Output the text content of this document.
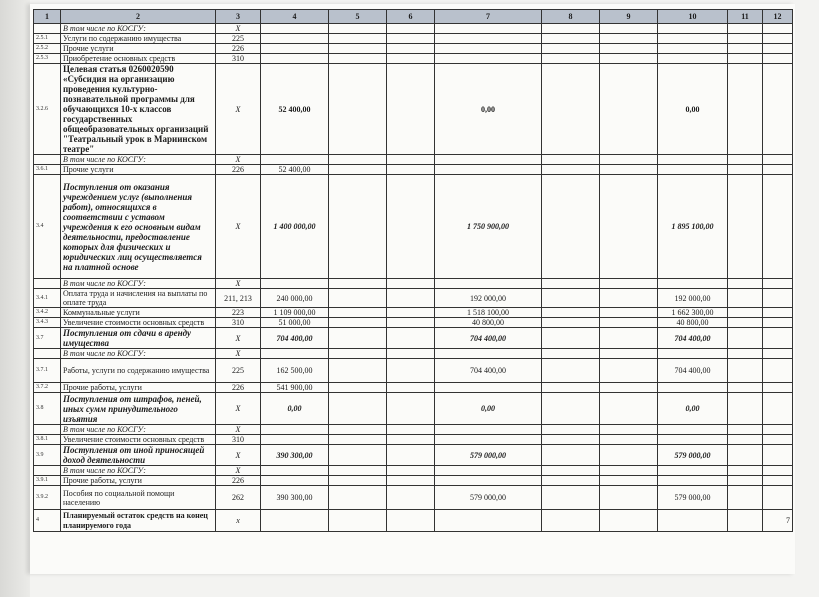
1	2	3	4	5	6	7	8	9	10	11	12
	В том числе по КОСГУ:	X									
2.5.1	Услуги по содержанию имущества	225									
2.5.2	Прочие услуги	226									
2.5.3	Приобретение основных средств	310									
3.2.6	Целевая статья 0260020590 «Субсидия на организацию проведения культурно-познавательной программы для обучающихся 10-х классов государственных общеобразовательных организаций "Театральный урок в Мариинском театре"	X	52 400,00			0,00			0,00		
	В том числе по КОСГУ:	X									
3.6.1	Прочие услуги	226	52 400,00								
3.4	Поступления от оказания учреждением услуг (выполнения работ), относящихся в соответствии с уставом учреждения к его основным видам деятельности, предоставление которых для физических и юридических лиц осуществляется на платной основе	X	1 400 000,00			1 750 900,00			1 895 100,00		
	В том числе по КОСГУ:	X									
3.4.1	Оплата труда и начисления на выплаты по оплате труда	211, 213	240 000,00			192 000,00			192 000,00		
3.4.2	Коммунальные услуги	223	1 109 000,00			1 518 100,00			1 662 300,00		
3.4.3	Увеличение стоимости основных средств	310	51 000,00			40 800,00			40 800,00		
3.7	Поступления от сдачи в аренду имущества	X	704 400,00			704 400,00			704 400,00		
	В том числе по КОСГУ:	X									
3.7.1	Работы, услуги по содержанию имущества	225	162 500,00			704 400,00			704 400,00		
3.7.2	Прочие работы, услуги	226	541 900,00								
3.8	Поступления от штрафов, пеней, иных сумм принудительного изъятия	X	0,00			0,00			0,00		
	В том числе по КОСГУ:	X									
3.8.1	Увеличение стоимости основных средств	310									
3.9	Поступления от иной приносящей доход деятельности	X	390 300,00			579 000,00			579 000,00		
	В том числе по КОСГУ:	X									
3.9.1	Прочие работы, услуги	226									
3.9.2	Пособия по социальной помощи населению	262	390 300,00			579 000,00			579 000,00		
4	Планируемый остаток средств на конец планируемого года	x									7
